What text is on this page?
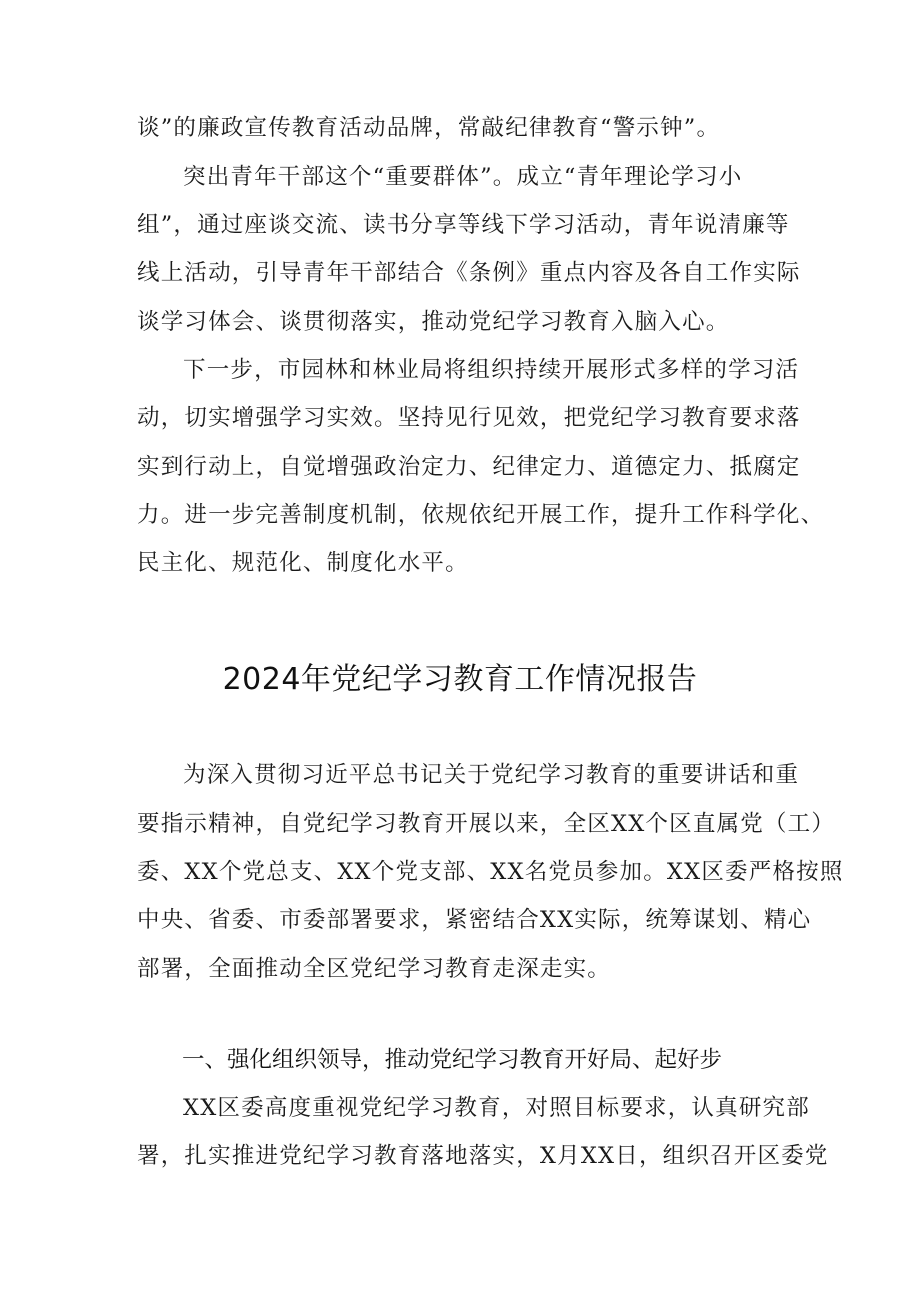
谈”的廉政宣传教育活动品牌，常敲纪律教育“警示钟”。
突出青年干部这个“重要群体”。成立“青年理论学习小
组”，通过座谈交流、读书分享等线下学习活动，青年说清廉等
线上活动，引导青年干部结合《条例》重点内容及各自工作实际
谈学习体会、谈贯彻落实，推动党纪学习教育入脑入心。
下一步，市园林和林业局将组织持续开展形式多样的学习活
动，切实增强学习实效。坚持见行见效，把党纪学习教育要求落
实到行动上，自觉增强政治定力、纪律定力、道德定力、抵腐定
力。进一步完善制度机制，依规依纪开展工作，提升工作科学化、
民主化、规范化、制度化水平。
2024年党纪学习教育工作情况报告
为深入贯彻习近平总书记关于党纪学习教育的重要讲话和重
要指示精神，自党纪学习教育开展以来，全区XX个区直属党（工）
委、XX个党总支、XX个党支部、XX名党员参加。XX区委严格按照
中央、省委、市委部署要求，紧密结合XX实际，统筹谋划、精心
部署，全面推动全区党纪学习教育走深走实。
一、强化组织领导，推动党纪学习教育开好局、起好步
XX区委高度重视党纪学习教育，对照目标要求，认真研究部
署，扎实推进党纪学习教育落地落实，X月XX日，组织召开区委党
